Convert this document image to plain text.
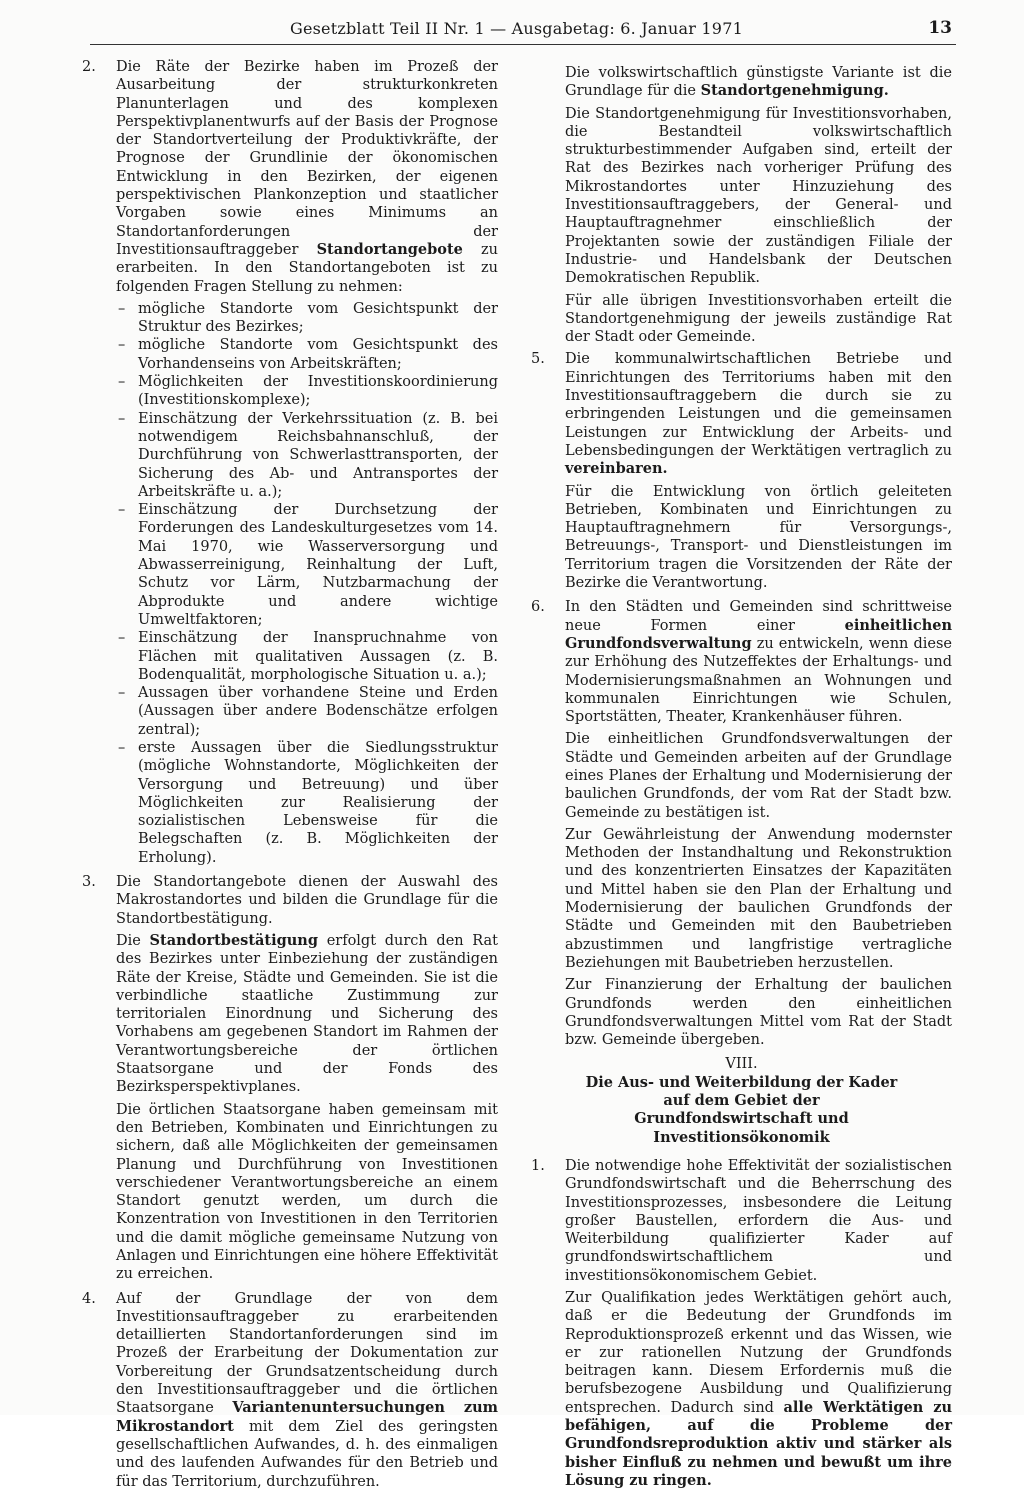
Gesetzblatt Teil II Nr. 1 — Ausgabetag: 6. Januar 1971	13
2. Die Räte der Bezirke haben im Prozeß der Ausarbeitung der strukturkonkreten Planunterlagen und des komplexen Perspektivplanentwurfs auf der Basis der Prognose der Standortverteilung der Produktivkräfte, der Prognose der Grundlinie der ökonomischen Entwicklung in den Bezirken, der eigenen perspektivischen Plankonzeption und staatlicher Vorgaben sowie eines Minimums an Standortanforderungen der Investitionsauftraggeber Standortangebote zu erarbeiten. In den Standortangeboten ist zu folgenden Fragen Stellung zu nehmen:
– mögliche Standorte vom Gesichtspunkt der Struktur des Bezirkes;
– mögliche Standorte vom Gesichtspunkt des Vorhandenseins von Arbeitskräften;
– Möglichkeiten der Investitionskoordinierung (Investitionskomplexe);
– Einschätzung der Verkehrssituation (z. B. bei notwendigem Reichsbahnanschluß, der Durchführung von Schwerlasttransporten, der Sicherung des Ab- und Antransportes der Arbeitskräfte u. a.);
– Einschätzung der Durchsetzung der Forderungen des Landeskulturgesetzes vom 14. Mai 1970, wie Wasserversorgung und Abwasserreinigung, Reinhaltung der Luft, Schutz vor Lärm, Nutzbarmachung der Abprodukte und andere wichtige Umweltfaktoren;
– Einschätzung der Inanspruchnahme von Flächen mit qualitativen Aussagen (z. B. Bodenqualität, morphologische Situation u. a.);
– Aussagen über vorhandene Steine und Erden (Aussagen über andere Bodenschätze erfolgen zentral);
– erste Aussagen über die Siedlungsstruktur (mögliche Wohnstandorte, Möglichkeiten der Versorgung und Betreuung) und über Möglichkeiten zur Realisierung der sozialistischen Lebensweise für die Belegschaften (z. B. Möglichkeiten der Erholung).
3. Die Standortangebote dienen der Auswahl des Makrostandortes und bilden die Grundlage für die Standortbestätigung.
Die Standortbestätigung erfolgt durch den Rat des Bezirkes unter Einbeziehung der zuständigen Räte der Kreise, Städte und Gemeinden. Sie ist die verbindliche staatliche Zustimmung zur territorialen Einordnung und Sicherung des Vorhabens am gegebenen Standort im Rahmen der Verantwortungsbereiche der örtlichen Staatsorgane und der Fonds des Bezirksperspektivplanes.
Die örtlichen Staatsorgane haben gemeinsam mit den Betrieben, Kombinaten und Einrichtungen zu sichern, daß alle Möglichkeiten der gemeinsamen Planung und Durchführung von Investitionen verschiedener Verantwortungsbereiche an einem Standort genutzt werden, um durch die Konzentration von Investitionen in den Territorien und die damit mögliche gemeinsame Nutzung von Anlagen und Einrichtungen eine höhere Effektivität zu erreichen.
4. Auf der Grundlage der von dem Investitionsauftraggeber zu erarbeitenden detaillierten Standortanforderungen sind im Prozeß der Erarbeitung der Dokumentation zur Vorbereitung der Grundsatzentscheidung durch den Investitionsauftraggeber und die örtlichen Staatsorgane Variantenuntersuchungen zum Mikrostandort mit dem Ziel des geringsten gesellschaftlichen Aufwandes, d. h. des einmaligen und des laufenden Aufwandes für den Betrieb und für das Territorium, durchzuführen.
Die volkswirtschaftlich günstigste Variante ist die Grundlage für die Standortgenehmigung.
Die Standortgenehmigung für Investitionsvorhaben, die Bestandteil volkswirtschaftlich strukturbestimmender Aufgaben sind, erteilt der Rat des Bezirkes nach vorheriger Prüfung des Mikrostandortes unter Hinzuziehung des Investitionsauftraggebers, der General- und Hauptauftragnehmer einschließlich der Projektanten sowie der zuständigen Filiale der Industrie- und Handelsbank der Deutschen Demokratischen Republik.
Für alle übrigen Investitionsvorhaben erteilt die Standortgenehmigung der jeweils zuständige Rat der Stadt oder Gemeinde.
5. Die kommunalwirtschaftlichen Betriebe und Einrichtungen des Territoriums haben mit den Investitionsauftraggebern die durch sie zu erbringenden Leistungen und die gemeinsamen Leistungen zur Entwicklung der Arbeits- und Lebensbedingungen der Werktätigen vertraglich zu vereinbaren.
Für die Entwicklung von örtlich geleiteten Betrieben, Kombinaten und Einrichtungen zu Hauptauftragnehmern für Versorgungs-, Betreuungs-, Transport- und Dienstleistungen im Territorium tragen die Vorsitzenden der Räte der Bezirke die Verantwortung.
6. In den Städten und Gemeinden sind schrittweise neue Formen einer	einheitlichen Grundfondsverwaltung zu entwickeln, wenn diese zur Erhöhung des Nutzeffektes der Erhaltungs- und Modernisierungsmaßnahmen an Wohnungen und kommunalen Einrichtungen wie Schulen, Sportstätten, Theater, Krankenhäuser führen.
Die einheitlichen Grundfondsverwaltungen der Städte und Gemeinden arbeiten auf der Grundlage eines Planes der Erhaltung und Modernisierung der baulichen Grundfonds, der vom Rat der Stadt bzw. Gemeinde zu bestätigen ist.
Zur Gewährleistung der Anwendung modernster Methoden der Instandhaltung und Rekonstruktion und des konzentrierten Einsatzes der Kapazitäten und Mittel haben sie den Plan der Erhaltung und Modernisierung der baulichen Grundfonds der Städte und Gemeinden mit den Baubetrieben abzustimmen und langfristige vertragliche Beziehungen mit Baubetrieben herzustellen.
Zur Finanzierung der Erhaltung der baulichen Grundfonds werden den einheitlichen Grundfondsverwaltungen Mittel vom Rat der Stadt bzw. Gemeinde übergeben.
VIII.
Die Aus- und Weiterbildung der Kader auf dem Gebiet der Grundfondswirtschaft und Investitionsökonomik
1. Die notwendige hohe Effektivität der sozialistischen Grundfondswirtschaft und die Beherrschung des Investitionsprozesses, insbesondere die Leitung großer Baustellen, erfordern die Aus- und Weiterbildung qualifizierter Kader auf grundfondswirtschaftlichem und investitionsökonomischem Gebiet.
Zur Qualifikation jedes Werktätigen gehört auch, daß er die Bedeutung der Grundfonds im Reproduktionsprozeß erkennt und das Wissen, wie er zur rationellen Nutzung der Grundfonds beitragen kann. Diesem Erfordernis muß die berufsbezogene Ausbildung und Qualifizierung entsprechen. Dadurch sind alle Werktätigen zu befähigen, auf die Probleme der Grundfondsreproduktion aktiv und stärker als bisher Einfluß zu nehmen und bewußt um ihre Lösung zu ringen.
